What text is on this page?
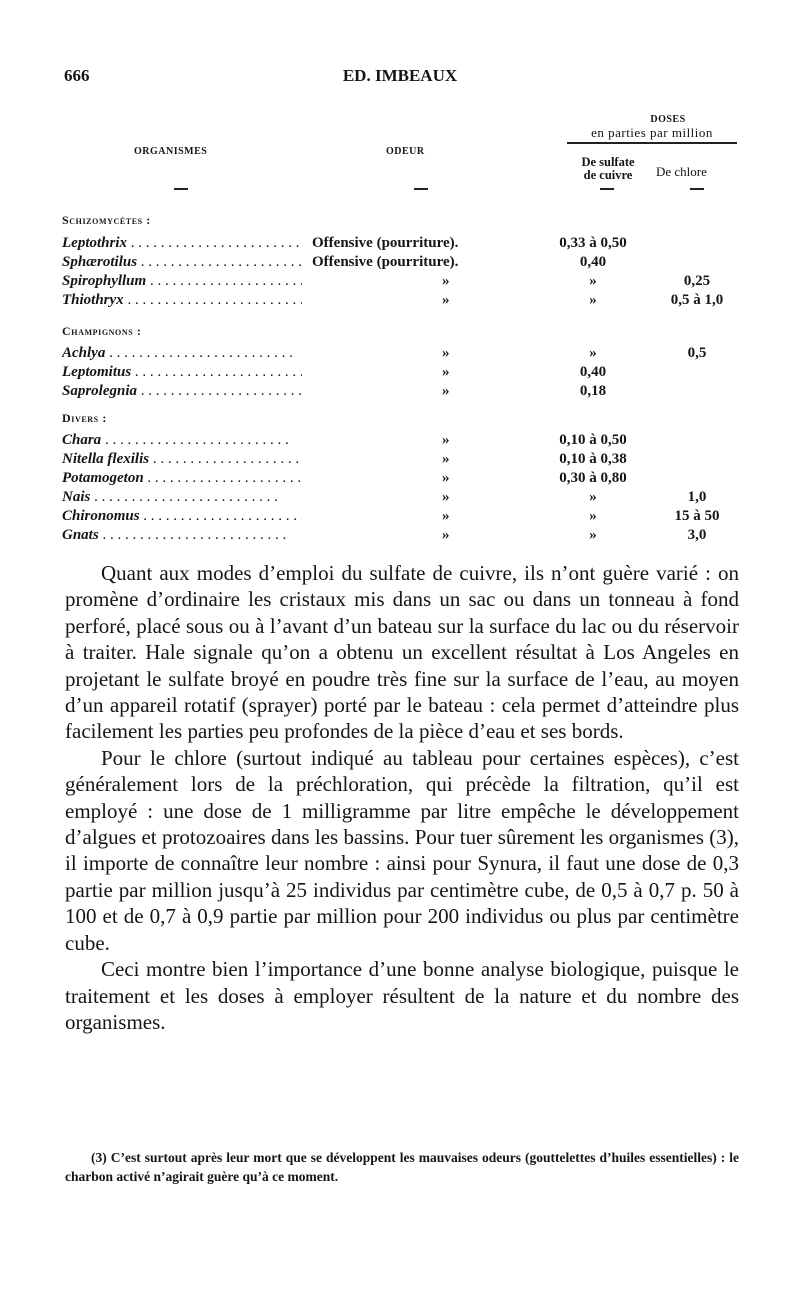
666	ED. IMBEAUX
DOSES
en parties par million
ORGANISMES	ODEUR
De sulfate
de cuivre	De chlore
Schizomycètes :
Leptothrix . . .	Offensive (pourriture).	0,33 à 0,50
Sphærotilus . . .	Offensive (pourriture).	0,40
Spirophyllum . . .	»	»	0,25
Thiothryx . . .	»	»	0,5 à 1,0
Champignons :
Achlya . . .	»	»	0,5
Leptomitus . . .	»	0,40
Saprolegnia . . .	»	0,18
Divers :
Chara . . .	»	0,10 à 0,50
Nitella flexilis . . .	»	0,10 à 0,38
Potamogeton . . .	»	0,30 à 0,80
Nais . . .	»	»	1,0
Chironomus . . .	»	»	15 à 50
Gnats . . .	»	»	3,0

Quant aux modes d’emploi du sulfate de cuivre, ils n’ont guère varié : on promène d’ordinaire les cristaux mis dans un sac ou dans un tonneau à fond perforé, placé sous ou à l’avant d’un bateau sur la surface du lac ou du réservoir à traiter. Hale signale qu’on a obtenu un excellent résultat à Los Angeles en projetant le sulfate broyé en poudre très fine sur la surface de l’eau, au moyen d’un appareil rotatif (sprayer) porté par le bateau : cela permet d’atteindre plus facilement les parties peu profondes de la pièce d’eau et ses bords.

Pour le chlore (surtout indiqué au tableau pour certaines espèces), c’est généralement lors de la préchloration, qui précède la filtration, qu’il est employé : une dose de 1 milligramme par litre empêche le développement d’algues et protozoaires dans les bassins. Pour tuer sûrement les organismes (3), il importe de connaître leur nombre : ainsi pour Synura, il faut une dose de 0,3 partie par million jusqu’à 25 individus par centimètre cube, de 0,5 à 0,7 p. 50 à 100 et de 0,7 à 0,9 partie par million pour 200 individus ou plus par centimètre cube.

Ceci montre bien l’importance d’une bonne analyse biologique, puisque le traitement et les doses à employer résultent de la nature et du nombre des organismes.

(3) C’est surtout après leur mort que se développent les mauvaises odeurs (gouttelettes d’huiles essentielles) : le charbon activé n’agirait guère qu’à ce moment.
